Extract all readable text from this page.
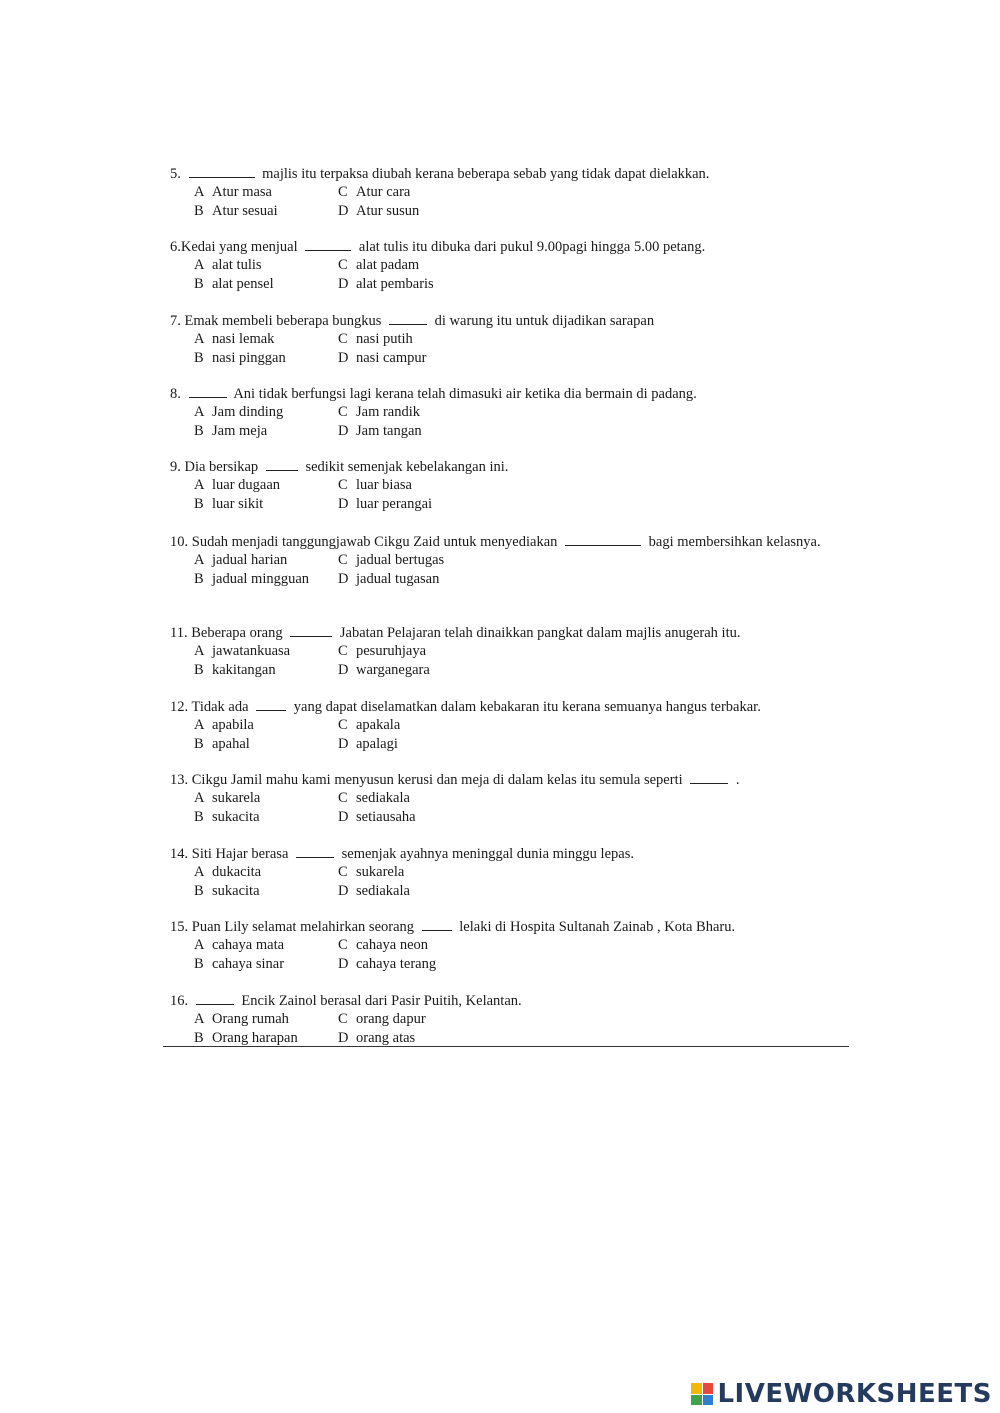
5.	majlis itu terpaksa diubah kerana beberapa sebab yang tidak dapat dielakkan.
A Atur masa	C Atur cara
B Atur sesuai	D Atur susun
6.Kedai yang menjual	alat tulis itu dibuka dari pukul 9.00pagi hingga 5.00 petang.
A alat tulis	C alat padam
B alat pensel	D alat pembaris
7. Emak membeli beberapa bungkus	di warung itu untuk dijadikan sarapan
A nasi lemak	C nasi putih
B nasi pinggan	D nasi campur
8.	Ani tidak berfungsi lagi kerana telah dimasuki air ketika dia bermain di padang.
A Jam dinding	C Jam randik
B Jam meja	D Jam tangan
9. Dia bersikap	sedikit semenjak kebelakangan ini.
A luar dugaan	C luar biasa
B luar sikit	D luar perangai
10. Sudah menjadi tanggungjawab Cikgu Zaid untuk menyediakan	bagi membersihkan kelasnya.
A jadual harian	C jadual bertugas
B jadual mingguan	D jadual tugasan
11. Beberapa orang	Jabatan Pelajaran telah dinaikkan pangkat dalam majlis anugerah itu.
A jawatankuasa	C pesuruhjaya
B kakitangan	D warganegara
12. Tidak ada	yang dapat diselamatkan dalam kebakaran itu kerana semuanya hangus terbakar.
A apabila	C apakala
B apahal	D apalagi
13. Cikgu Jamil mahu kami menyusun kerusi dan meja di dalam kelas itu semula seperti	.
A sukarela	C sediakala
B sukacita	D setiausaha
14. Siti Hajar berasa	semenjak ayahnya meninggal dunia minggu lepas.
A dukacita	C sukarela
B sukacita	D sediakala
15. Puan Lily selamat melahirkan seorang	lelaki di Hospita Sultanah Zainab , Kota Bharu.
A cahaya mata	C cahaya neon
B cahaya sinar	D cahaya terang
16.	Encik Zainol berasal dari Pasir Puitih, Kelantan.
A Orang rumah	C orang dapur
B Orang harapan	D orang atas
LIVEWORKSHEETS
